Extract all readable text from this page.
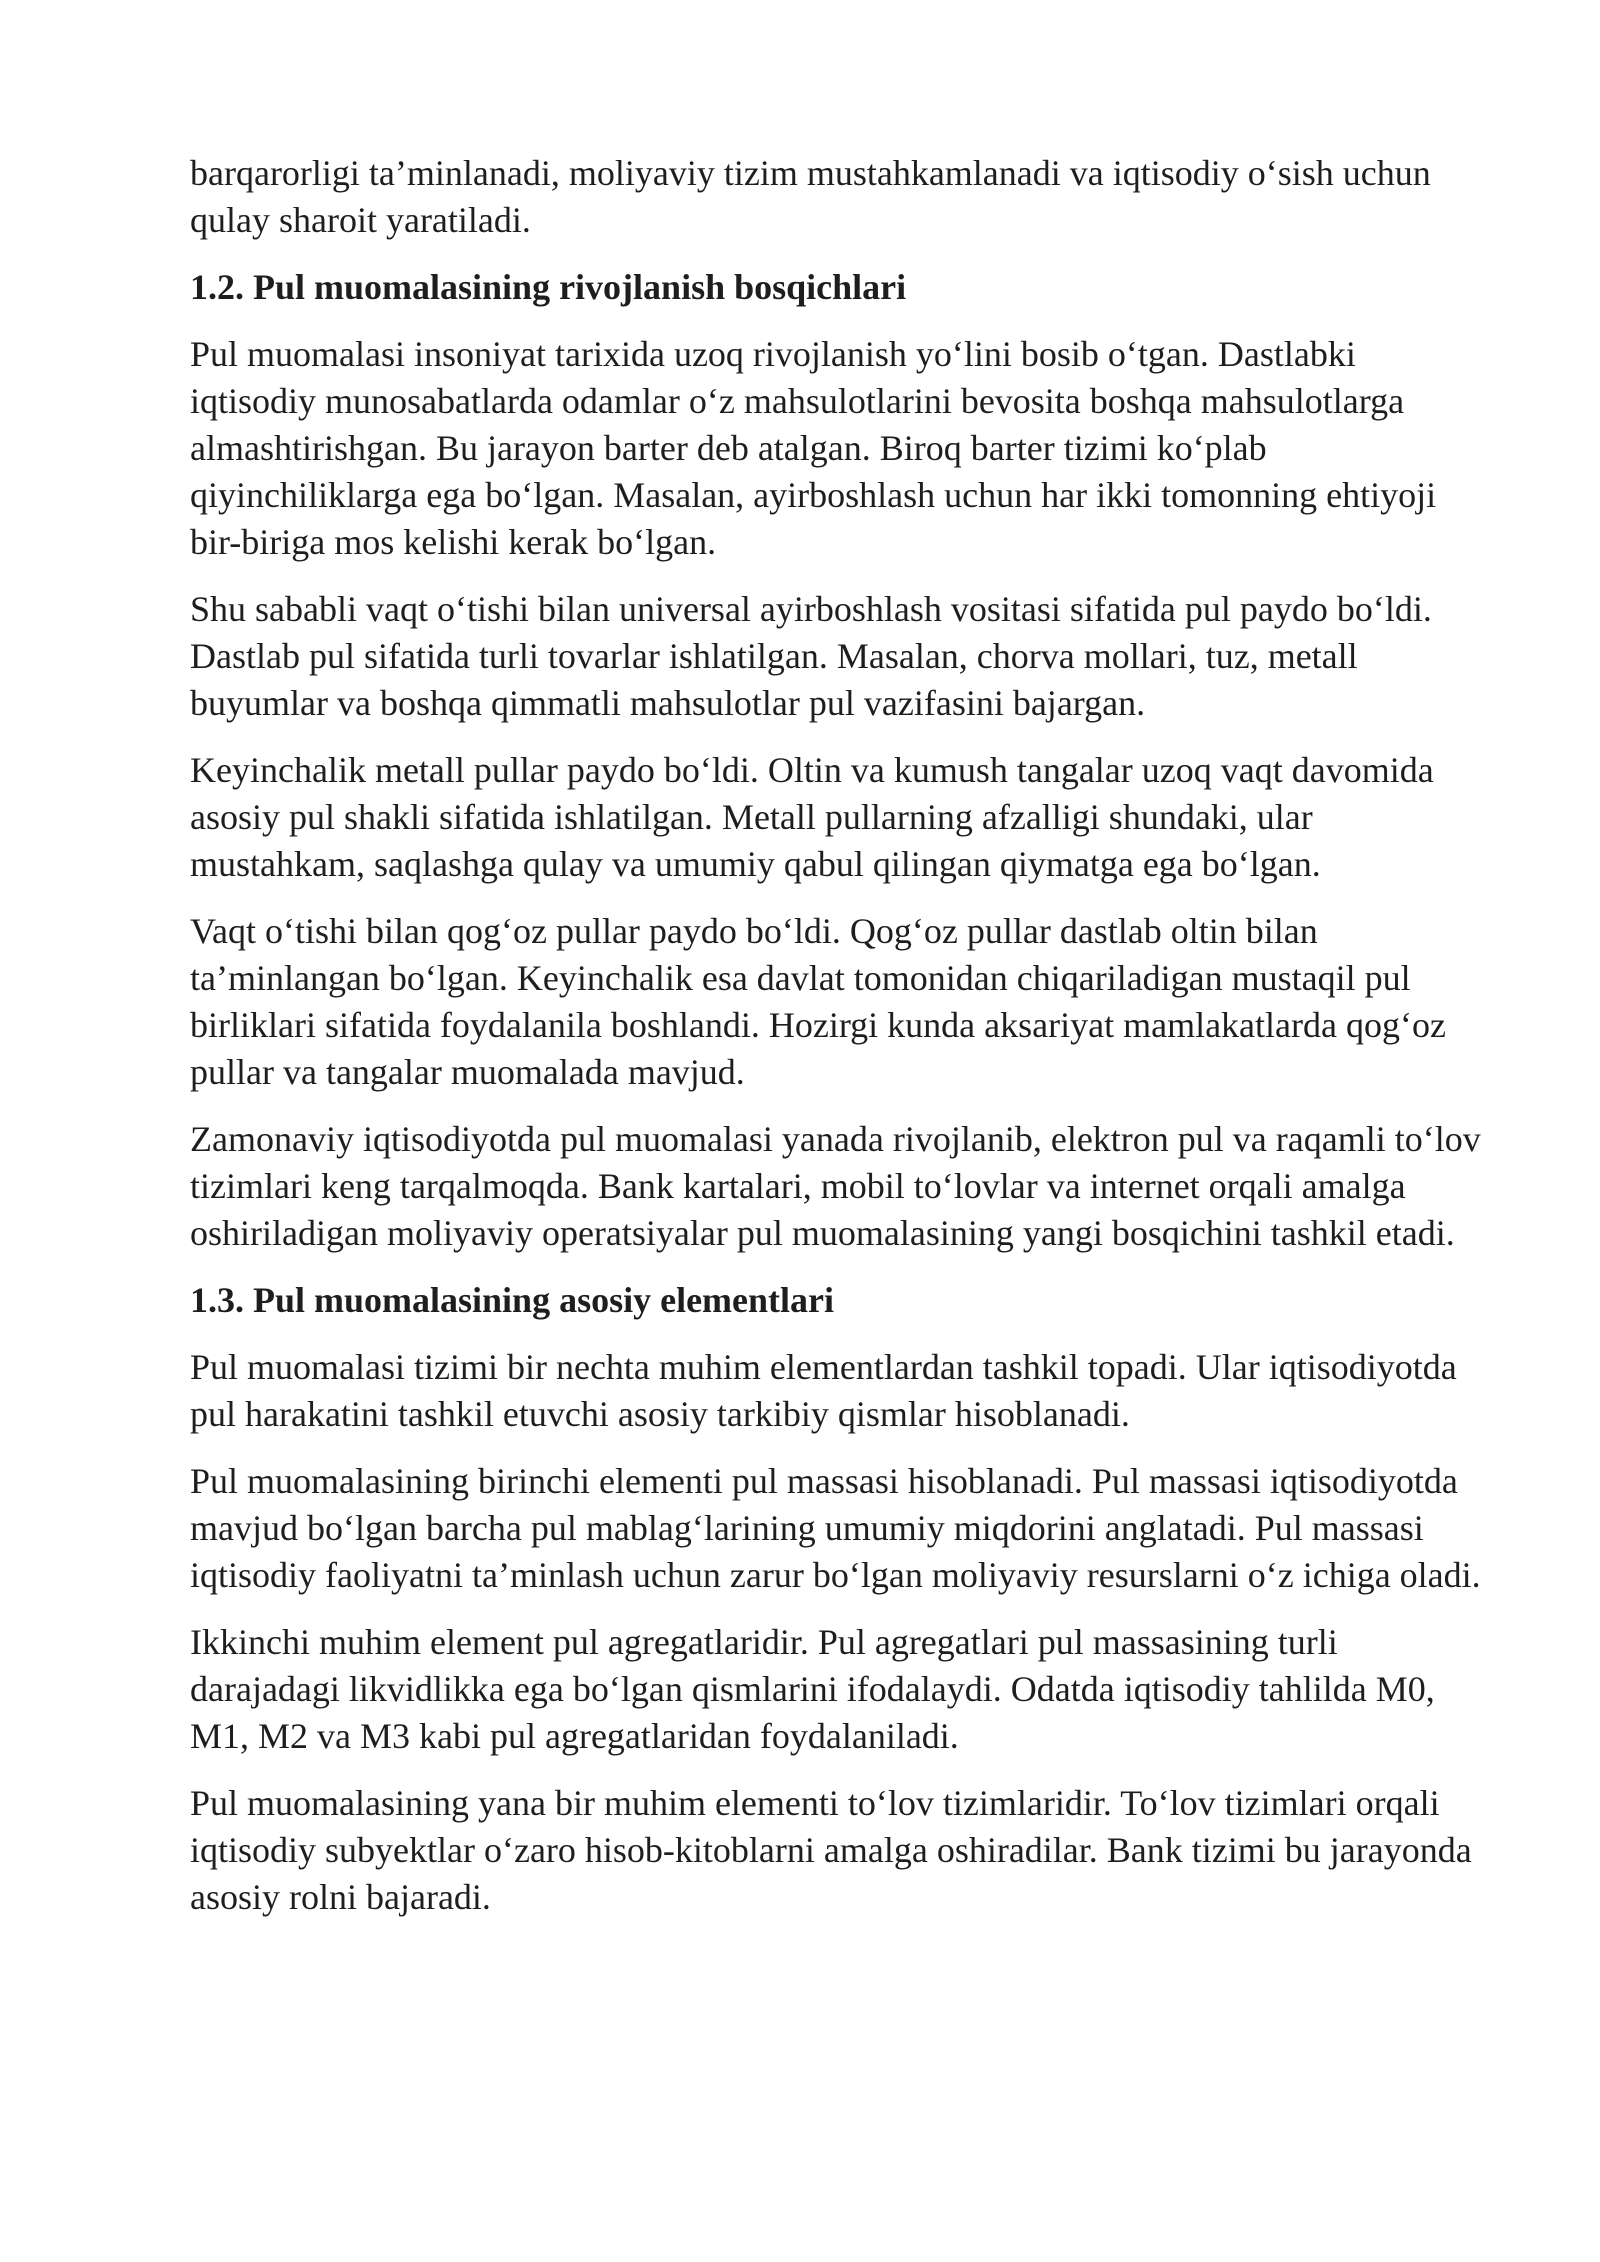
barqarorligi ta’minlanadi, moliyaviy tizim mustahkamlanadi va iqtisodiy o‘sish uchun qulay sharoit yaratiladi.

1.2. Pul muomalasining rivojlanish bosqichlari

Pul muomalasi insoniyat tarixida uzoq rivojlanish yo‘lini bosib o‘tgan. Dastlabki iqtisodiy munosabatlarda odamlar o‘z mahsulotlarini bevosita boshqa mahsulotlarga almashtirishgan. Bu jarayon barter deb atalgan. Biroq barter tizimi ko‘plab qiyinchiliklarga ega bo‘lgan. Masalan, ayirboshlash uchun har ikki tomonning ehtiyoji bir-biriga mos kelishi kerak bo‘lgan.

Shu sababli vaqt o‘tishi bilan universal ayirboshlash vositasi sifatida pul paydo bo‘ldi. Dastlab pul sifatida turli tovarlar ishlatilgan. Masalan, chorva mollari, tuz, metall buyumlar va boshqa qimmatli mahsulotlar pul vazifasini bajargan.

Keyinchalik metall pullar paydo bo‘ldi. Oltin va kumush tangalar uzoq vaqt davomida asosiy pul shakli sifatida ishlatilgan. Metall pullarning afzalligi shundaki, ular mustahkam, saqlashga qulay va umumiy qabul qilingan qiymatga ega bo‘lgan.

Vaqt o‘tishi bilan qog‘oz pullar paydo bo‘ldi. Qog‘oz pullar dastlab oltin bilan ta’minlangan bo‘lgan. Keyinchalik esa davlat tomonidan chiqariladigan mustaqil pul birliklari sifatida foydalanila boshlandi. Hozirgi kunda aksariyat mamlakatlarda qog‘oz pullar va tangalar muomalada mavjud.

Zamonaviy iqtisodiyotda pul muomalasi yanada rivojlanib, elektron pul va raqamli to‘lov tizimlari keng tarqalmoqda. Bank kartalari, mobil to‘lovlar va internet orqali amalga oshiriladigan moliyaviy operatsiyalar pul muomalasining yangi bosqichini tashkil etadi.

1.3. Pul muomalasining asosiy elementlari

Pul muomalasi tizimi bir nechta muhim elementlardan tashkil topadi. Ular iqtisodiyotda pul harakatini tashkil etuvchi asosiy tarkibiy qismlar hisoblanadi.

Pul muomalasining birinchi elementi pul massasi hisoblanadi. Pul massasi iqtisodiyotda mavjud bo‘lgan barcha pul mablag‘larining umumiy miqdorini anglatadi. Pul massasi iqtisodiy faoliyatni ta’minlash uchun zarur bo‘lgan moliyaviy resurslarni o‘z ichiga oladi.

Ikkinchi muhim element pul agregatlaridir. Pul agregatlari pul massasining turli darajadagi likvidlikka ega bo‘lgan qismlarini ifodalaydi. Odatda iqtisodiy tahlilda M0, M1, M2 va M3 kabi pul agregatlaridan foydalaniladi.

Pul muomalasining yana bir muhim elementi to‘lov tizimlaridir. To‘lov tizimlari orqali iqtisodiy subyektlar o‘zaro hisob-kitoblarni amalga oshiradilar. Bank tizimi bu jarayonda asosiy rolni bajaradi.
